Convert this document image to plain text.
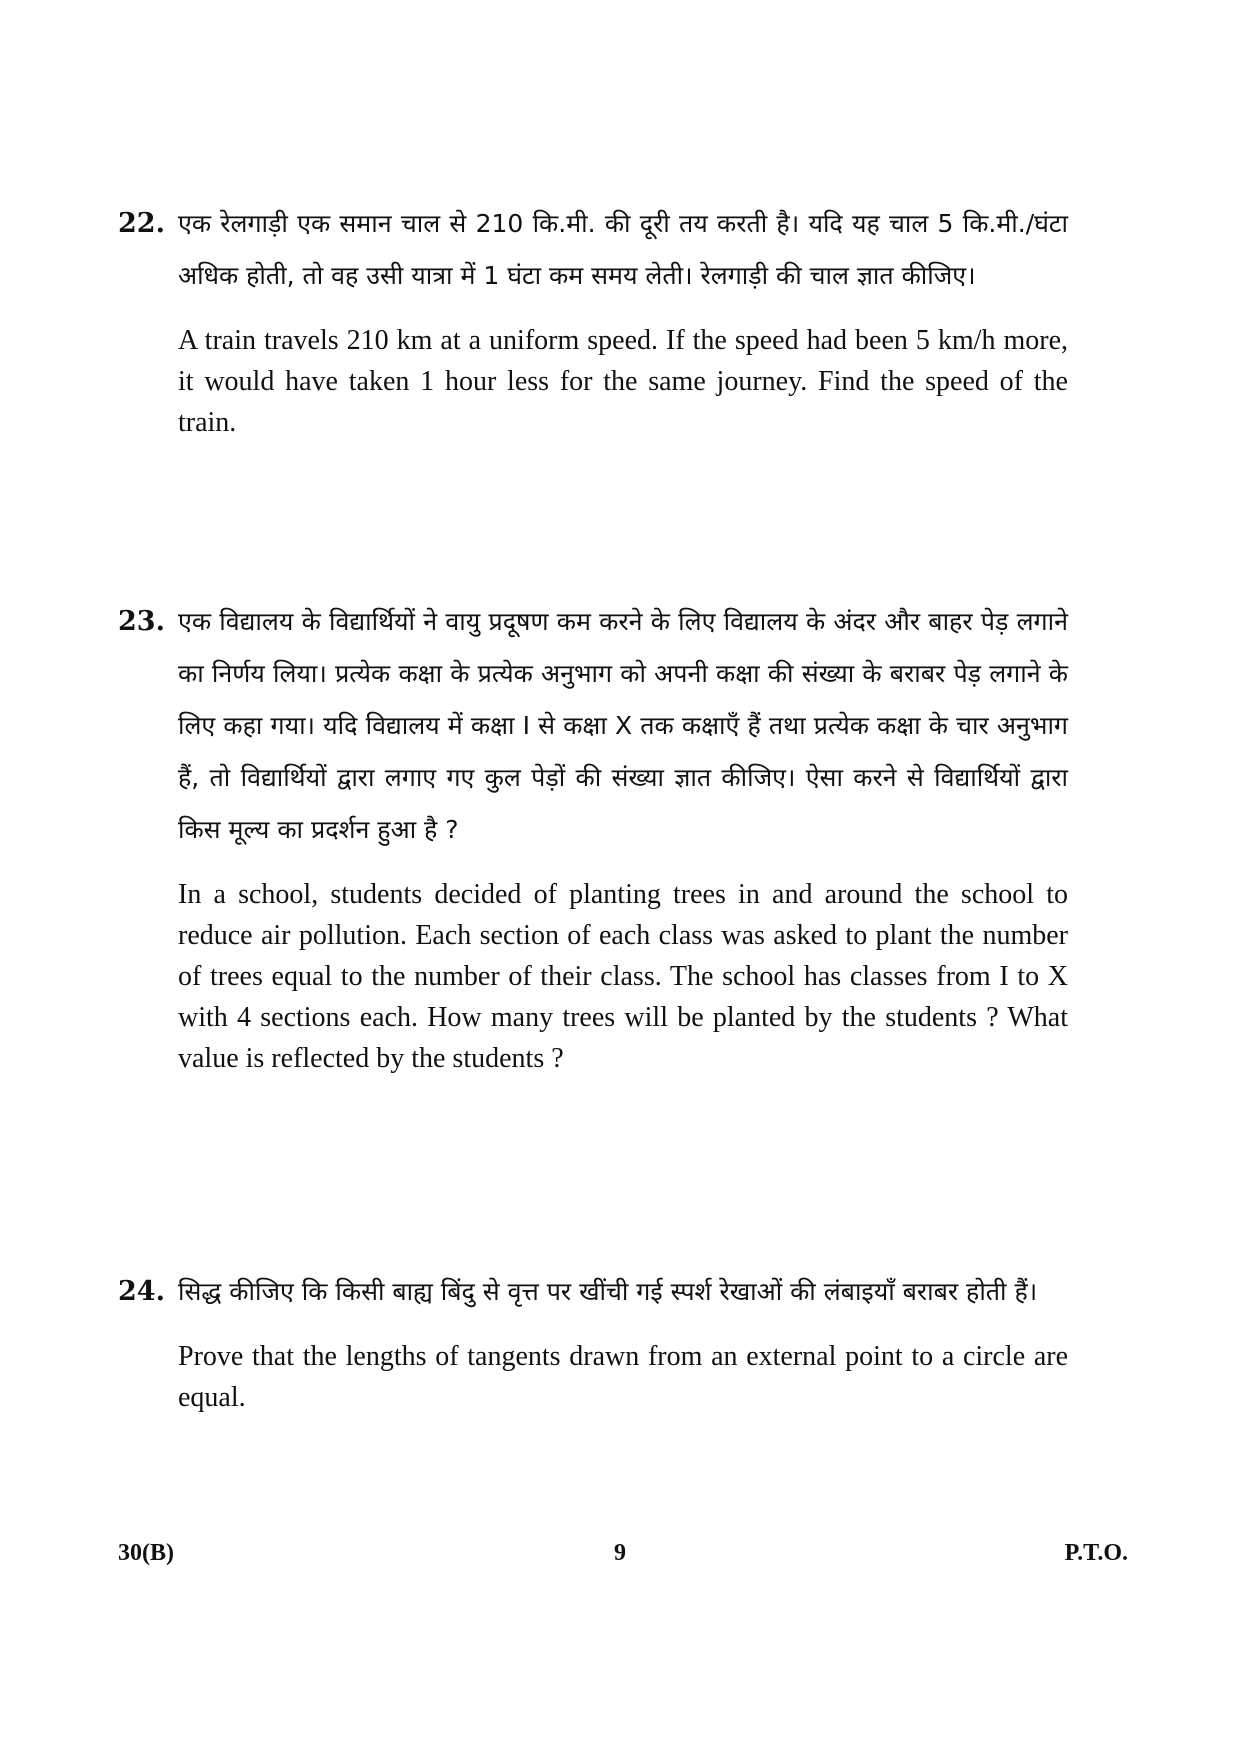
22. एक रेलगाड़ी एक समान चाल से 210 कि.मी. की दूरी तय करती है। यदि यह चाल 5 कि.मी./घंटा अधिक होती, तो वह उसी यात्रा में 1 घंटा कम समय लेती। रेलगाड़ी की चाल ज्ञात कीजिए।

A train travels 210 km at a uniform speed. If the speed had been 5 km/h more, it would have taken 1 hour less for the same journey. Find the speed of the train.

23. एक विद्यालय के विद्यार्थियों ने वायु प्रदूषण कम करने के लिए विद्यालय के अंदर और बाहर पेड़ लगाने का निर्णय लिया। प्रत्येक कक्षा के प्रत्येक अनुभाग को अपनी कक्षा की संख्या के बराबर पेड़ लगाने के लिए कहा गया। यदि विद्यालय में कक्षा I से कक्षा X तक कक्षाएँ हैं तथा प्रत्येक कक्षा के चार अनुभाग हैं, तो विद्यार्थियों द्वारा लगाए गए कुल पेड़ों की संख्या ज्ञात कीजिए। ऐसा करने से विद्यार्थियों द्वारा किस मूल्य का प्रदर्शन हुआ है ?

In a school, students decided of planting trees in and around the school to reduce air pollution. Each section of each class was asked to plant the number of trees equal to the number of their class. The school has classes from I to X with 4 sections each. How many trees will be planted by the students ? What value is reflected by the students ?

24. सिद्ध कीजिए कि किसी बाह्य बिंदु से वृत्त पर खींची गई स्पर्श रेखाओं की लंबाइयाँ बराबर होती हैं।

Prove that the lengths of tangents drawn from an external point to a circle are equal.

30(B)	9	P.T.O.
